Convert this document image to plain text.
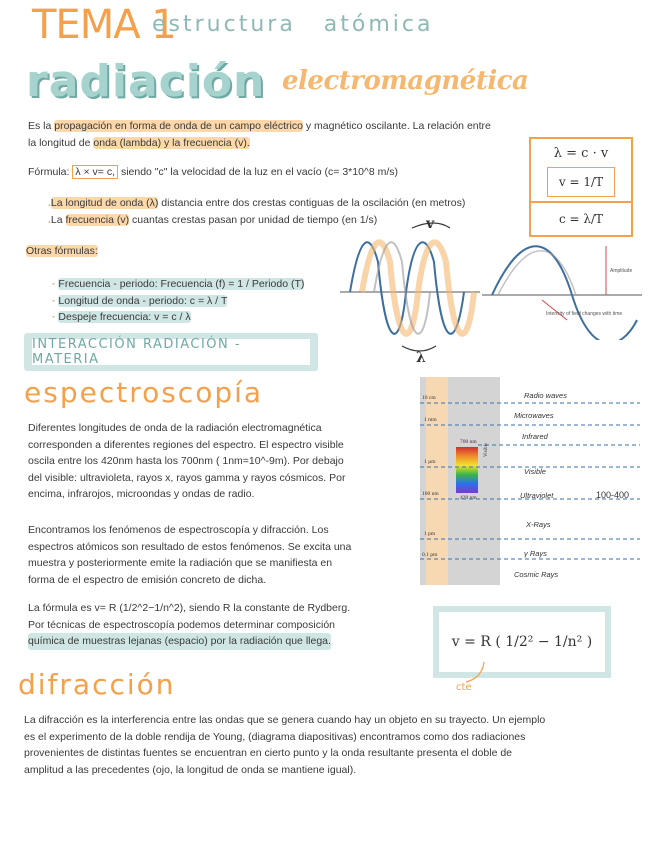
TEMA 1
estructura atómica
radiación electromagnética
Es la propagación en forma de onda de un campo eléctrico y magnético oscilante. La relación entre
la longitud de onda (lambda) y la frecuencia (v).
Fórmula: λ × v= c, siendo "c" la velocidad de la luz en el vacío (c= 3*10^8 m/s)
.La longitud de onda (λ) distancia entre dos crestas contiguas de la oscilación (en metros)
.La frecuencia (v) cuantas crestas pasan por unidad de tiempo (en 1/s)
λ = c · v
v = 1/T
c = λ/T
Otras fórmulas:
· Frecuencia - periodo: Frecuencia (f) = 1 / Periodo (T)
· Longitud de onda - periodo: c = λ / T
· Despeje frecuencia: v = c / λ
v
λ
Amplitude
Intensity of field changes with time
INTERACCIÓN RADIACIÓN - MATERIA
espectroscopía
Diferentes longitudes de onda de la radiación electromagnética
corresponden a diferentes regiones del espectro. El espectro visible
oscila entre los 420nm hasta los 700nm ( 1nm=10^-9m). Por debajo
del visible: ultravioleta, rayos x, rayos gamma y rayos cósmicos. Por
encima, infrarojos, microondas y ondas de radio.
Encontramos los fenómenos de espectroscopía y difracción. Los
espectros atómicos son resultado de estos fenómenos. Se excita una
muestra y posteriormente emite la radiación que se manifiesta en
forma de el espectro de emisión concreto de dicha.
La fórmula es v= R (1/2^2−1/n^2), siendo R la constante de Rydberg.
Por técnicas de espectroscopía podemos determinar composición
química de muestras lejanas (espacio) por la radiación que llega.
10 cm
1 mm
700 nm
1 µm
100 nm
420 nm
1 pm
0.1 pm
Visible
Radio waves
Microwaves
Infrared
Visible
Ultraviolet
X-Rays
γ Rays
Cosmic Rays
100-400
v = R ( 1/2² − 1/n² )
cte
difracción
La difracción es la interferencia entre las ondas que se genera cuando hay un objeto en su trayecto. Un ejemplo
es el experimento de la doble rendija de Young, (diagrama diapositivas) encontramos como dos radiaciones
provenientes de distintas fuentes se encuentran en cierto punto y la onda resultante presenta el doble de
amplitud a las precedentes (ojo, la longitud de onda se mantiene igual).
